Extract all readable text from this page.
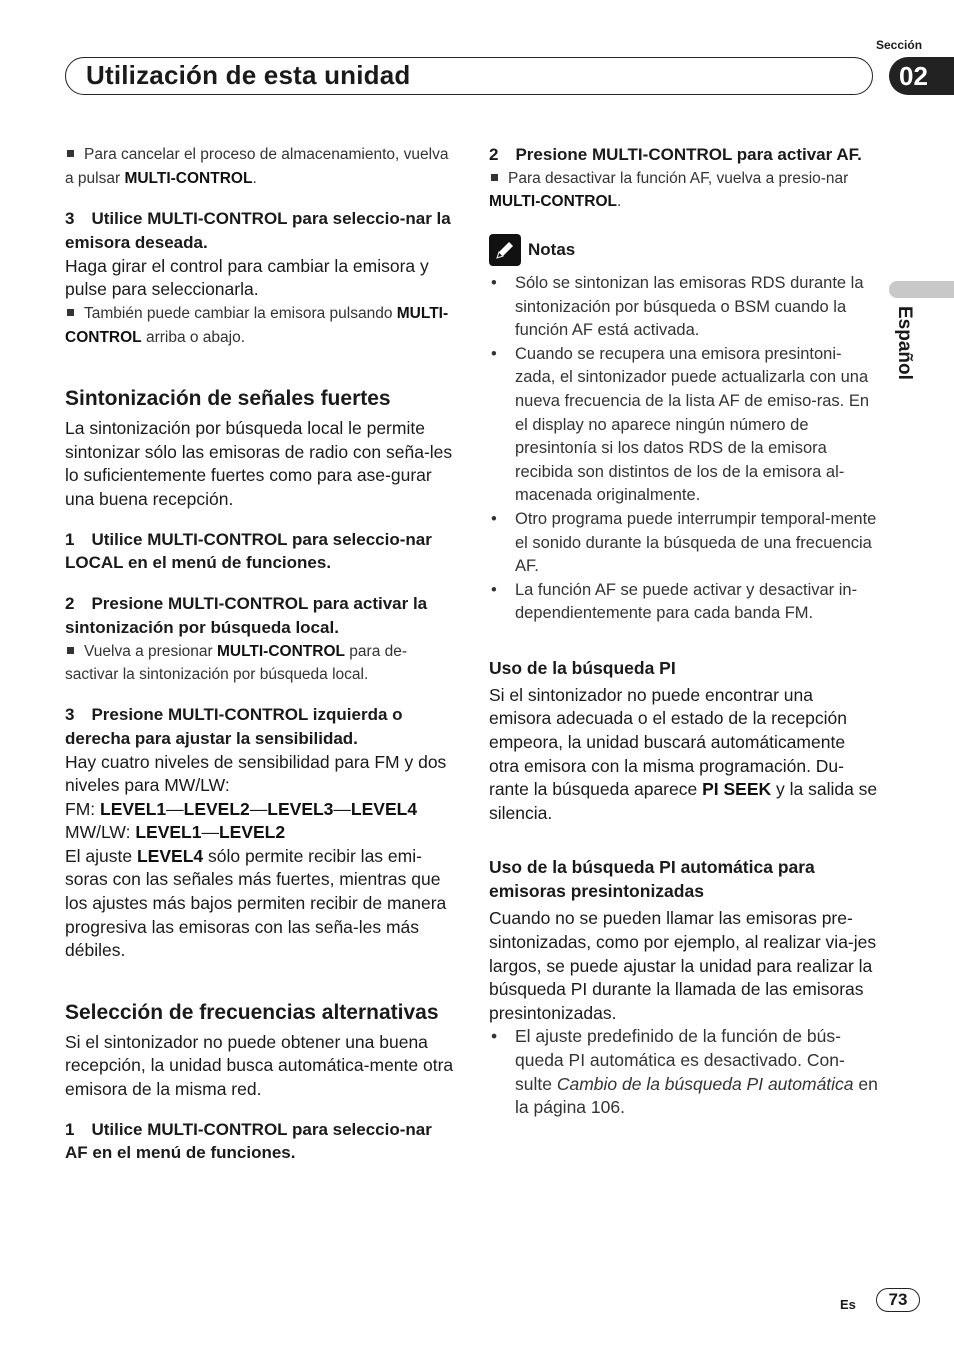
Utilización de esta unidad
Sección
02
Español

Para cancelar el proceso de almacenamiento, vuelva a pulsar MULTI-CONTROL.

3 Utilice MULTI-CONTROL para seleccio-nar la emisora deseada.

Haga girar el control para cambiar la emisora y pulse para seleccionarla.

También puede cambiar la emisora pulsando MULTI-CONTROL arriba o abajo.

Sintonización de señales fuertes

La sintonización por búsqueda local le permite sintonizar sólo las emisoras de radio con seña-les lo suficientemente fuertes como para ase-gurar una buena recepción.

1 Utilice MULTI-CONTROL para seleccio-nar LOCAL en el menú de funciones.

2 Presione MULTI-CONTROL para activar la sintonización por búsqueda local.

Vuelva a presionar MULTI-CONTROL para de-sactivar la sintonización por búsqueda local.

3 Presione MULTI-CONTROL izquierda o derecha para ajustar la sensibilidad.

Hay cuatro niveles de sensibilidad para FM y dos niveles para MW/LW:

FM: LEVEL1—LEVEL2—LEVEL3—LEVEL4

MW/LW: LEVEL1—LEVEL2

El ajuste LEVEL4 sólo permite recibir las emi-soras con las señales más fuertes, mientras que los ajustes más bajos permiten recibir de manera progresiva las emisoras con las seña-les más débiles.

Selección de frecuencias alternativas

Si el sintonizador no puede obtener una buena recepción, la unidad busca automática-mente otra emisora de la misma red.

1 Utilice MULTI-CONTROL para seleccio-nar AF en el menú de funciones.

2 Presione MULTI-CONTROL para activar AF.

Para desactivar la función AF, vuelva a presio-nar MULTI-CONTROL.

Notas

• Sólo se sintonizan las emisoras RDS durante la sintonización por búsqueda o BSM cuando la función AF está activada.

• Cuando se recupera una emisora presintoni-zada, el sintonizador puede actualizarla con una nueva frecuencia de la lista AF de emiso-ras. En el display no aparece ningún número de presintonía si los datos RDS de la emisora recibida son distintos de los de la emisora al-macenada originalmente.

• Otro programa puede interrumpir temporal-mente el sonido durante la búsqueda de una frecuencia AF.

• La función AF se puede activar y desactivar in-dependientemente para cada banda FM.

Uso de la búsqueda PI

Si el sintonizador no puede encontrar una emisora adecuada o el estado de la recepción empeora, la unidad buscará automáticamente otra emisora con la misma programación. Du-rante la búsqueda aparece PI SEEK y la salida se silencia.

Uso de la búsqueda PI automática para emisoras presintonizadas

Cuando no se pueden llamar las emisoras pre-sintonizadas, como por ejemplo, al realizar via-jes largos, se puede ajustar la unidad para realizar la búsqueda PI durante la llamada de las emisoras presintonizadas.

• El ajuste predefinido de la función de bús-queda PI automática es desactivado. Con-sulte Cambio de la búsqueda PI automática en la página 106.

Es	73
